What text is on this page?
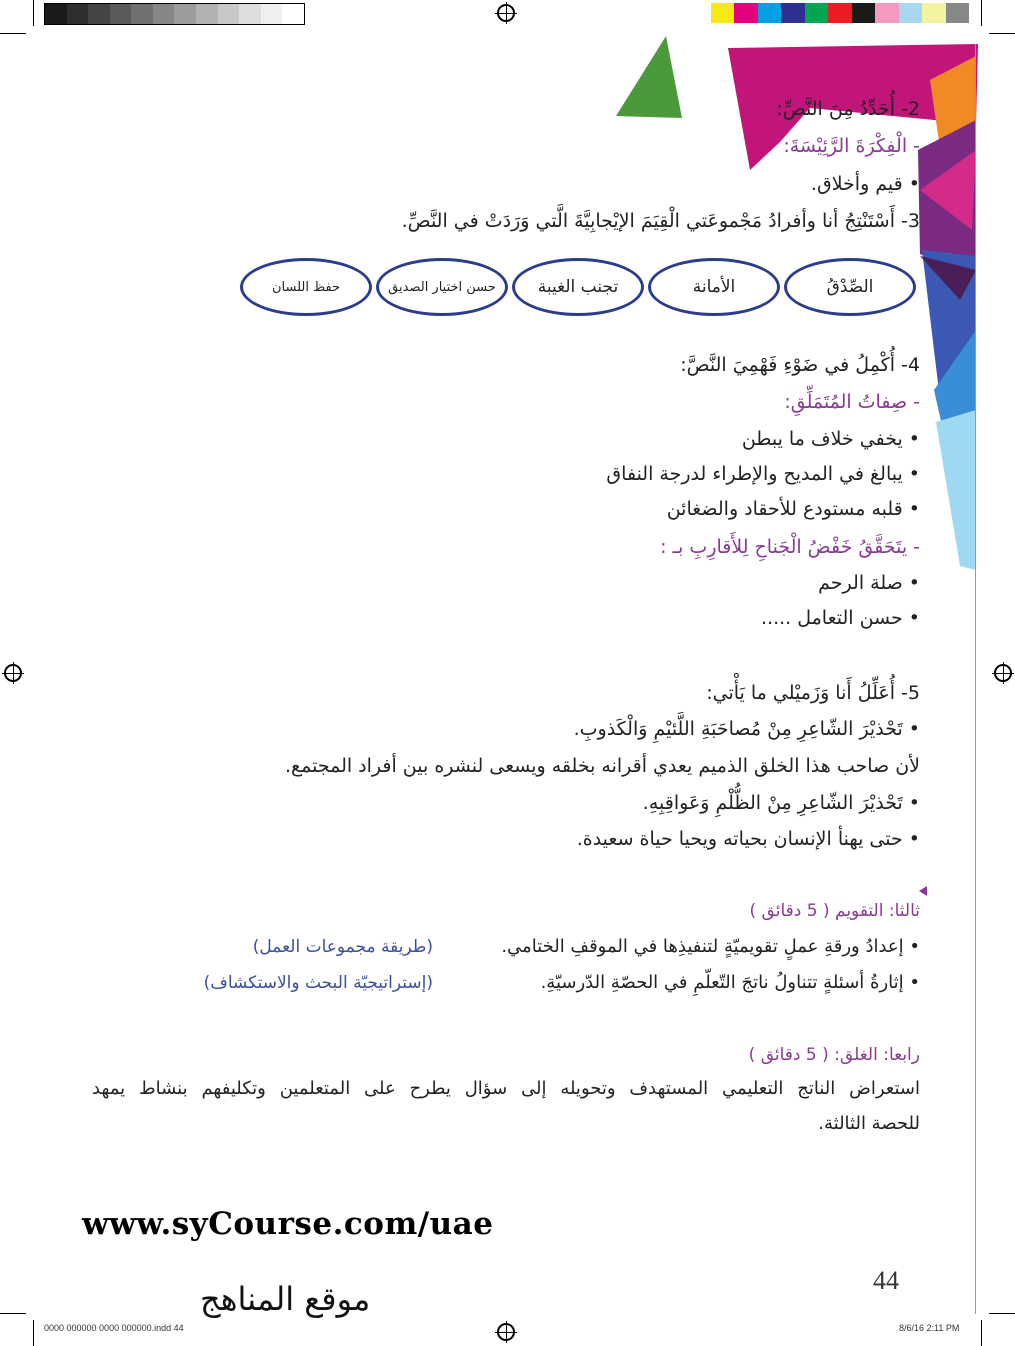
2- أُحَدِّدُ مِنَ النَّصِّ:
- الْفِكْرَةَ الرَّئِيْسَةَ:
• قيم وأخلاق.
3- أَسْتَنْتِجُ أنا وأفرادُ مَجْموعَتي الْقِيَمَ الإيْجابِيَّةَ الَّتي وَرَدَتْ في النَّصِّ.
الصِّدْقُ
الأمانة
تجنب الغيبة
حسن اختيار الصديق
حفظ اللسان
4- أُكْمِلُ في ضَوْءِ فَهْمِيَ النَّصَّ:
- صِفاتُ المُتَمَلِّقِ:
• يخفي خلاف ما يبطن
• يبالغ في المديح والإطراء لدرجة النفاق
• قلبه مستودع للأحقاد والضغائن
- يتَحَقَّقُ خَفْضُ الْجَناحِ لِلأَقارِبِ بـ :
• صلة الرحم
• حسن التعامل .....
5- أُعَلِّلُ أَنا وَزَميْلي ما يَأْتي:
• تَحْذيْرَ الشّاعِرِ مِنْ مُصاحَبَةِ اللَّئيْمِ وَالْكَذوبِ.
لأن صاحب هذا الخلق الذميم يعدي أقرانه بخلقه ويسعى لنشره بين أفراد المجتمع.
• تَحْذيْرَ الشّاعِرِ مِنْ الظُّلْمِ وَعَواقِبِهِ.
• حتى يهنأ الإنسان بحياته ويحيا حياة سعيدة.
ثالثا: التقويم ( 5 دقائق )
• إعدادُ ورقةِ عملٍ تقويميّةٍ لتنفيذِها في الموقفِ الختامي.
(طريقة مجموعات العمل)
• إثارةُ أسئلةٍ تتناولُ ناتجَ التّعلّمِ في الحصّةِ الدّرسيّةِ.
(إستراتيجيّة البحث والاستكشاف)
رابعا: الغلق: ( 5 دقائق )
استعراض الناتج التعليمي المستهدف وتحويله إلى سؤال يطرح على المتعلمين وتكليفهم بنشاط يمهد
للحصة الثالثة.
www.syCourse.com/uae
44
موقع المناهج
0000 000000 0000 000000.indd 44	8/6/16 2:11 PM
